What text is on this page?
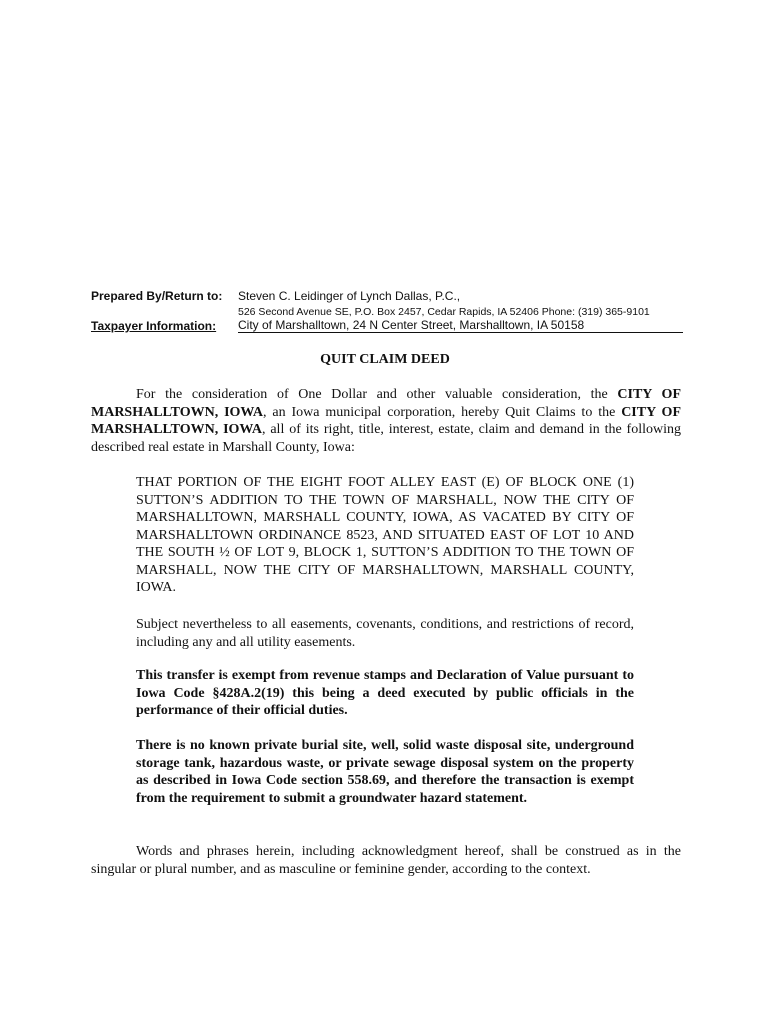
Prepared By/Return to: Steven C. Leidinger of Lynch Dallas, P.C.,
526 Second Avenue SE, P.O. Box 2457, Cedar Rapids, IA 52406 Phone: (319) 365-9101
Taxpayer Information: City of Marshalltown, 24 N Center Street, Marshalltown, IA 50158
QUIT CLAIM DEED
For the consideration of One Dollar and other valuable consideration, the CITY OF MARSHALLTOWN, IOWA, an Iowa municipal corporation, hereby Quit Claims to the CITY OF MARSHALLTOWN, IOWA, all of its right, title, interest, estate, claim and demand in the following described real estate in Marshall County, Iowa:
THAT PORTION OF THE EIGHT FOOT ALLEY EAST (E) OF BLOCK ONE (1) SUTTON’S ADDITION TO THE TOWN OF MARSHALL, NOW THE CITY OF MARSHALLTOWN, MARSHALL COUNTY, IOWA, AS VACATED BY CITY OF MARSHALLTOWN ORDINANCE 8523, AND SITUATED EAST OF LOT 10 AND THE SOUTH ½ OF LOT 9, BLOCK 1, SUTTON’S ADDITION TO THE TOWN OF MARSHALL, NOW THE CITY OF MARSHALLTOWN, MARSHALL COUNTY, IOWA.
Subject nevertheless to all easements, covenants, conditions, and restrictions of record, including any and all utility easements.
This transfer is exempt from revenue stamps and Declaration of Value pursuant to Iowa Code §428A.2(19) this being a deed executed by public officials in the performance of their official duties.
There is no known private burial site, well, solid waste disposal site, underground storage tank, hazardous waste, or private sewage disposal system on the property as described in Iowa Code section 558.69, and therefore the transaction is exempt from the requirement to submit a groundwater hazard statement.
Words and phrases herein, including acknowledgment hereof, shall be construed as in the singular or plural number, and as masculine or feminine gender, according to the context.
